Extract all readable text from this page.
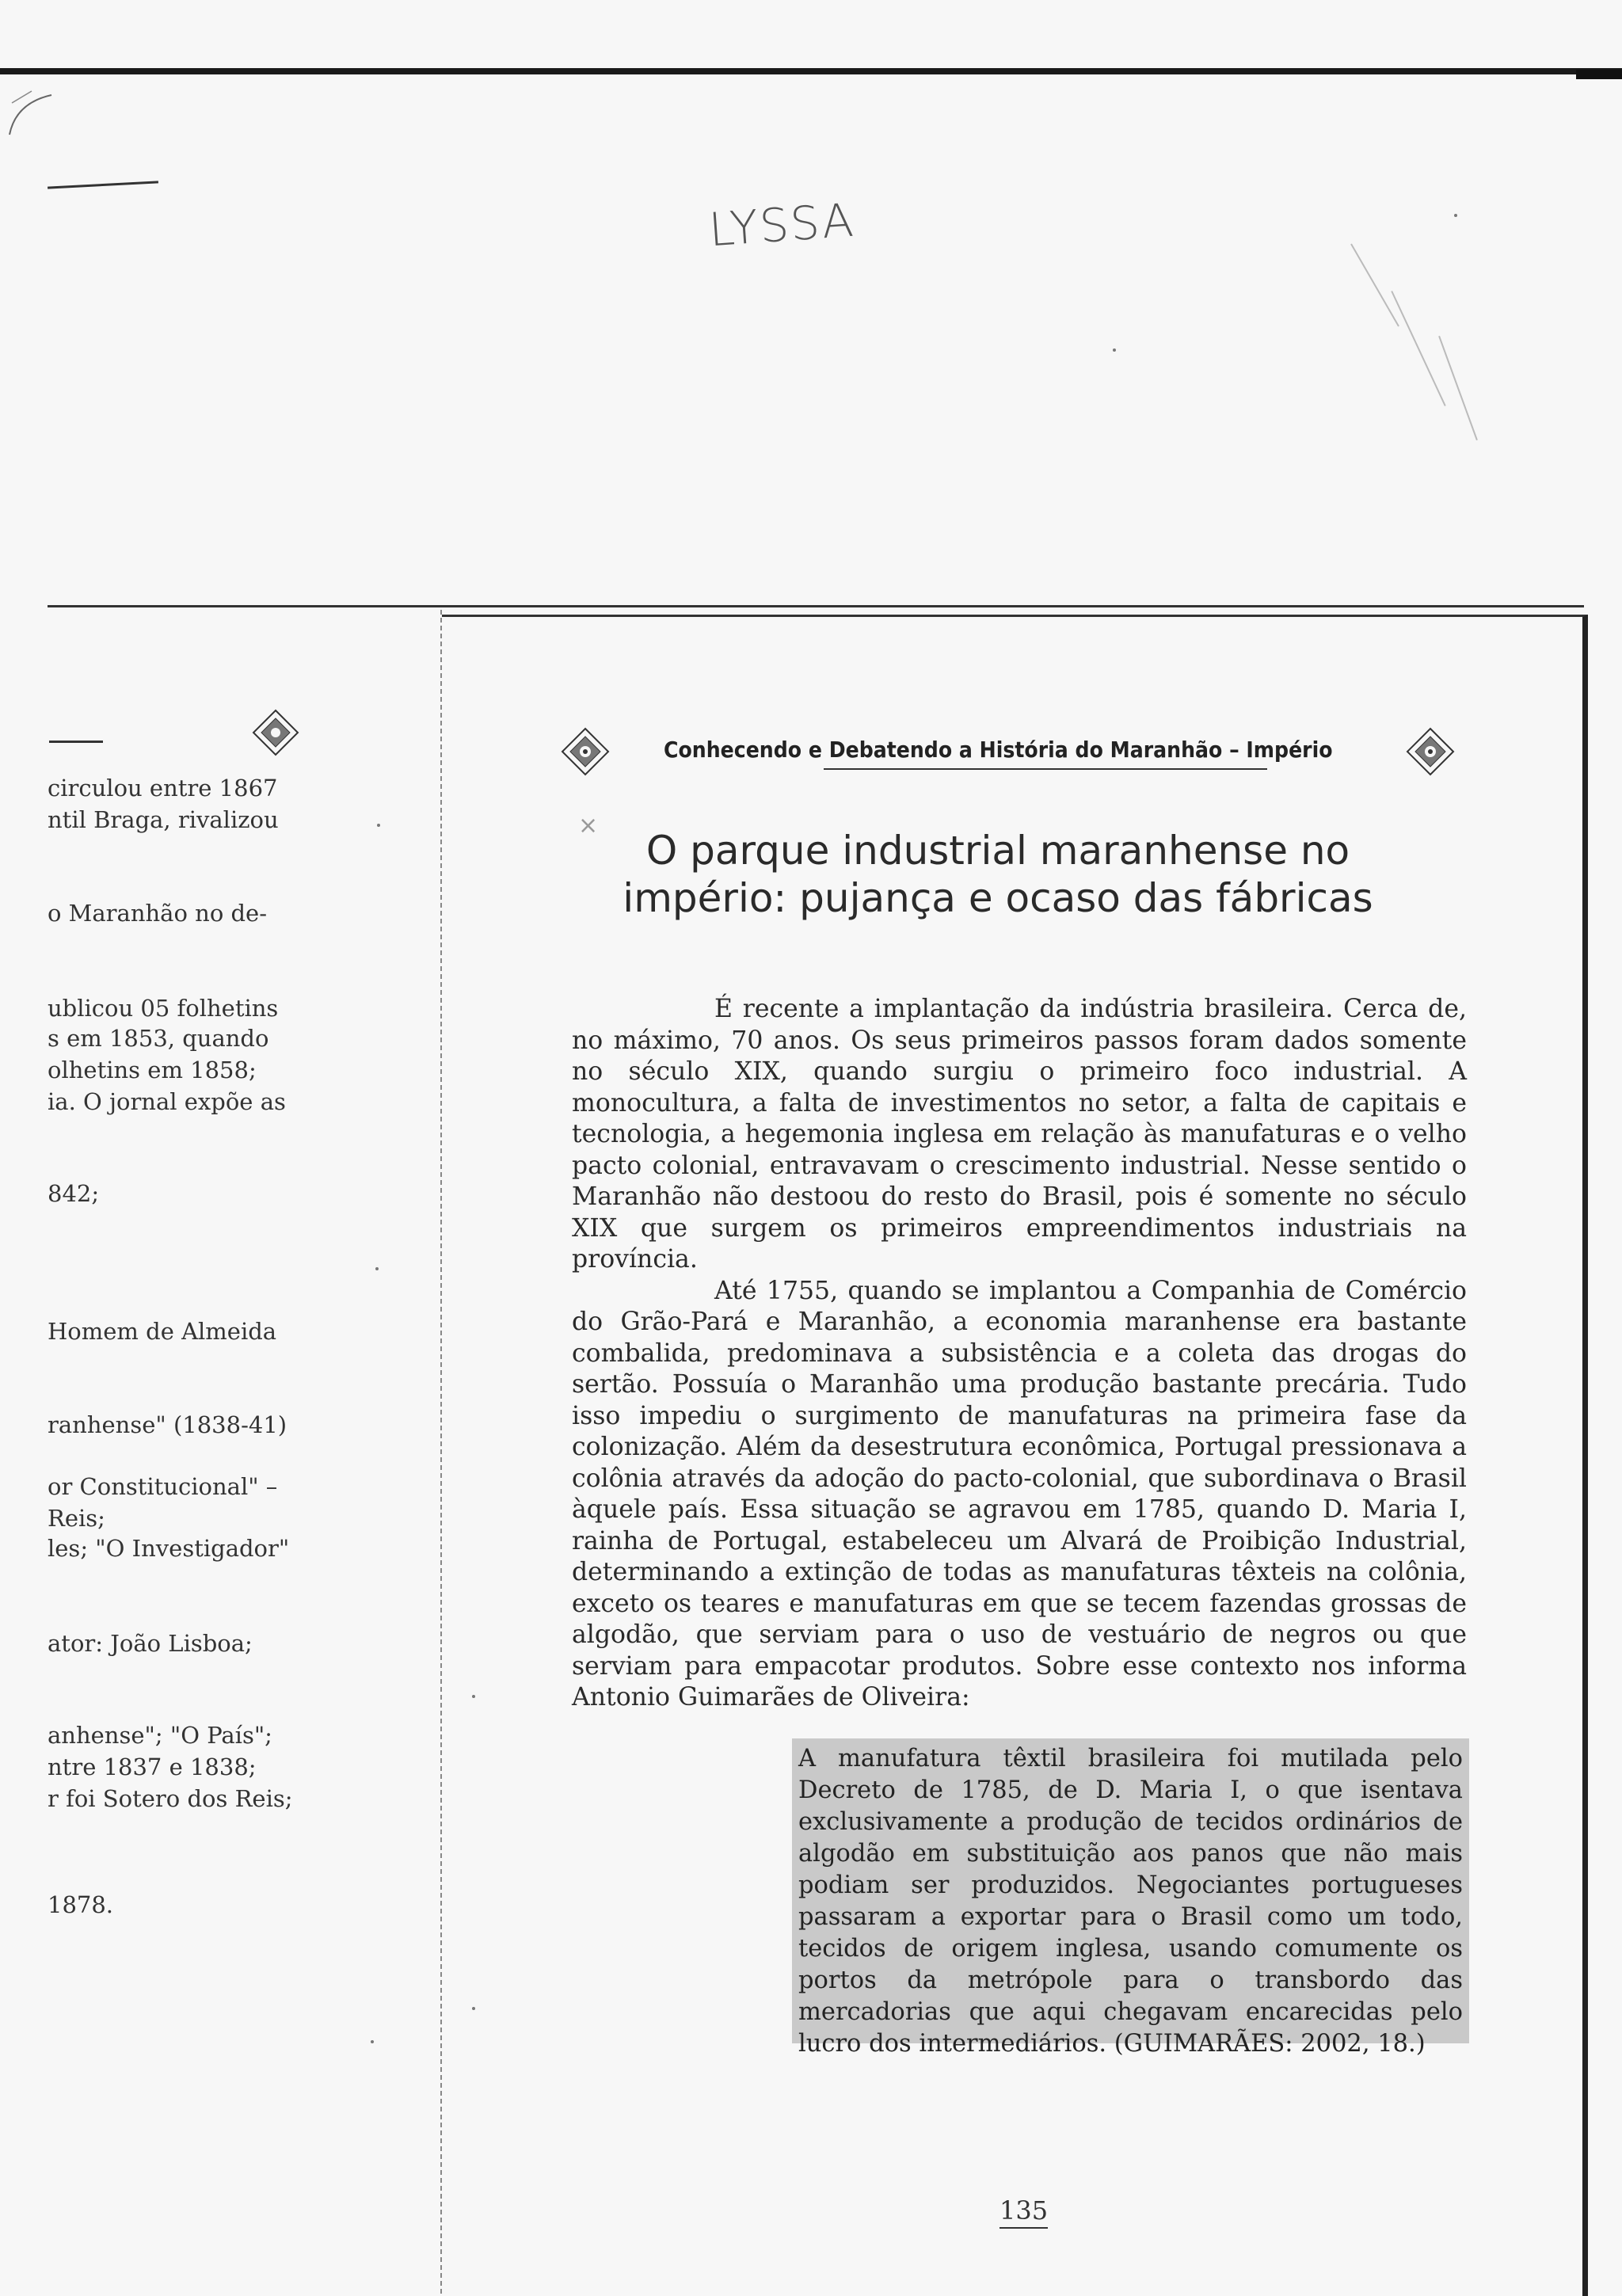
LYSSA
circulou entre 1867
ntil Braga, rivalizou
o Maranhão no de-
ublicou 05 folhetins
s em 1853, quando
olhetins em 1858;
ia. O jornal expõe as
842;
Homem de Almeida
ranhense" (1838-41)
or Constitucional" –
Reis;
les; "O Investigador"
ator: João Lisboa;
anhense"; "O País";
ntre 1837 e 1838;
r foi Sotero dos Reis;
1878.
Conhecendo e Debatendo a História do Maranhão – Império
×
O parque industrial maranhense no império: pujança e ocaso das fábricas

É recente a implantação da indústria brasileira. Cerca de, no máximo, 70 anos. Os seus primeiros passos foram dados somente no século XIX, quando surgiu o primeiro foco industrial. A monocultura, a falta de investimentos no setor, a falta de capitais e tecnologia, a hegemonia inglesa em relação às manufaturas e o velho pacto colonial, entravavam o crescimento industrial. Nesse sentido o Maranhão não destoou do resto do Brasil, pois é somente no século XIX que surgem os primeiros empreendimentos industriais na província.

Até 1755, quando se implantou a Companhia de Comércio do Grão-Pará e Maranhão, a economia maranhense era bastante combalida, predominava a subsistência e a coleta das drogas do sertão. Possuía o Maranhão uma produção bastante precária. Tudo isso impediu o surgimento de manufaturas na primeira fase da colonização. Além da desestrutura econômica, Portugal pressionava a colônia através da adoção do pacto-colonial, que subordinava o Brasil àquele país. Essa situação se agravou em 1785, quando D. Maria I, rainha de Portugal, estabeleceu um Alvará de Proibição Industrial, determinando a extinção de todas as manufaturas têxteis na colônia, exceto os teares e manufaturas em que se tecem fazendas grossas de algodão, que serviam para o uso de vestuário de negros ou que serviam para empacotar produtos. Sobre esse contexto nos informa Antonio Guimarães de Oliveira:

A manufatura têxtil brasileira foi mutilada pelo Decreto de 1785, de D. Maria I, o que isentava exclusivamente a produção de tecidos ordinários de algodão em substituição aos panos que não mais podiam ser produzidos. Negociantes portugueses passaram a exportar para o Brasil como um todo, tecidos de origem inglesa, usando comumente os portos da metrópole para o transbordo das mercadorias que aqui chegavam encarecidas pelo lucro dos intermediários. (GUIMARÃES: 2002, 18.)
135
